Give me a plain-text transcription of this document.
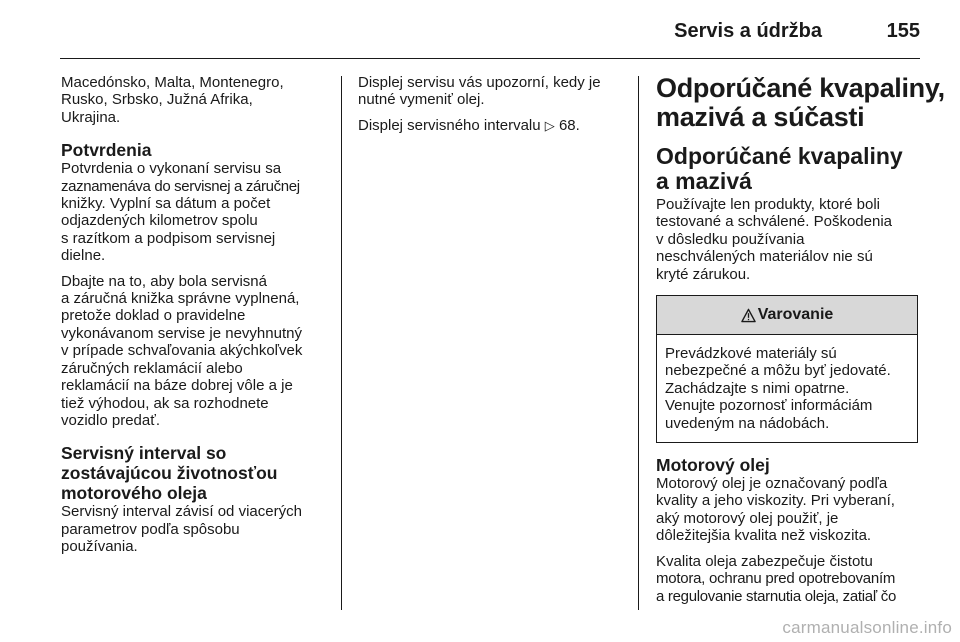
Servis a údržba	155

Macedónsko, Malta, Montenegro,
Rusko, Srbsko, Južná Afrika,
Ukrajina.

Potvrdenia

Potvrdenia o vykonaní servisu sa
zaznamenáva do servisnej a záručnej
knižky. Vyplní sa dátum a počet
odjazdených kilometrov spolu
s razítkom a podpisom servisnej
dielne.

Dbajte na to, aby bola servisná
a záručná knižka správne vyplnená,
pretože doklad o pravidelne
vykonávanom servise je nevyhnutný
v prípade schvaľovania akýchkoľvek
záručných reklamácií alebo
reklamácií na báze dobrej vôle a je
tiež výhodou, ak sa rozhodnete
vozidlo predať.

Servisný interval so
zostávajúcou životnosťou
motorového oleja

Servisný interval závisí od viacerých
parametrov podľa spôsobu
používania.

Displej servisu vás upozorní, kedy je
nutné vymeniť olej.

Displej servisného intervalu ▷ 68.

Odporúčané kvapaliny,
mazivá a súčasti
Odporúčané kvapaliny
a mazivá

Používajte len produkty, ktoré boli
testované a schválené. Poškodenia
v dôsledku používania
neschválených materiálov nie sú
kryté zárukou.

Varovanie
Prevádzkové materiály sú
nebezpečné a môžu byť jedovaté.
Zachádzajte s nimi opatrne.
Venujte pozornosť informáciám
uvedeným na nádobách.
Motorový olej

Motorový olej je označovaný podľa
kvality a jeho viskozity. Pri vyberaní,
aký motorový olej použiť, je
dôležitejšia kvalita než viskozita.

Kvalita oleja zabezpečuje čistotu
motora, ochranu pred opotrebovaním
a regulovanie starnutia oleja, zatiaľ čo

carmanualsonline.info
